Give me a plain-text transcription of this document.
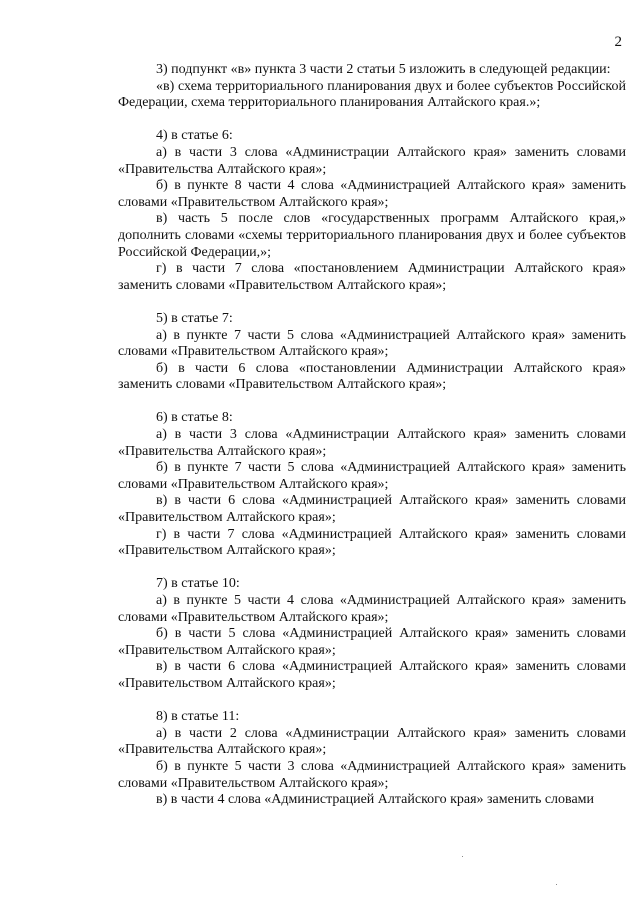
2

3) подпункт «в» пункта 3 части 2 статьи 5 изложить в следующей редакции:

«в) схема территориального планирования двух и более субъектов Российской Федерации, схема территориального планирования Алтайского края.»;

4) в статье 6:

а) в части 3 слова «Администрации Алтайского края» заменить словами «Правительства Алтайского края»;

б) в пункте 8 части 4 слова «Администрацией Алтайского края» заменить словами «Правительством Алтайского края»;

в) часть 5 после слов «государственных программ Алтайского края,» дополнить словами «схемы территориального планирования двух и более субъектов Российской Федерации,»;

г) в части 7 слова «постановлением Администрации Алтайского края» заменить словами «Правительством Алтайского края»;

5) в статье 7:

а) в пункте 7 части 5 слова «Администрацией Алтайского края» заменить словами «Правительством Алтайского края»;

б) в части 6 слова «постановлении Администрации Алтайского края» заменить словами «Правительством Алтайского края»;

6) в статье 8:

а) в части 3 слова «Администрации Алтайского края» заменить словами «Правительства Алтайского края»;

б) в пункте 7 части 5 слова «Администрацией Алтайского края» заменить словами «Правительством Алтайского края»;

в) в части 6 слова «Администрацией Алтайского края» заменить словами «Правительством Алтайского края»;

г) в части 7 слова «Администрацией Алтайского края» заменить словами «Правительством Алтайского края»;

7) в статье 10:

а) в пункте 5 части 4 слова «Администрацией Алтайского края» заменить словами «Правительством Алтайского края»;

б) в части 5 слова «Администрацией Алтайского края» заменить словами «Правительством Алтайского края»;

в) в части 6 слова «Администрацией Алтайского края» заменить словами «Правительством Алтайского края»;

8) в статье 11:

а) в части 2 слова «Администрации Алтайского края» заменить словами «Правительства Алтайского края»;

б) в пункте 5 части 3 слова «Администрацией Алтайского края» заменить словами «Правительством Алтайского края»;

в) в части 4 слова «Администрацией Алтайского края» заменить словами
